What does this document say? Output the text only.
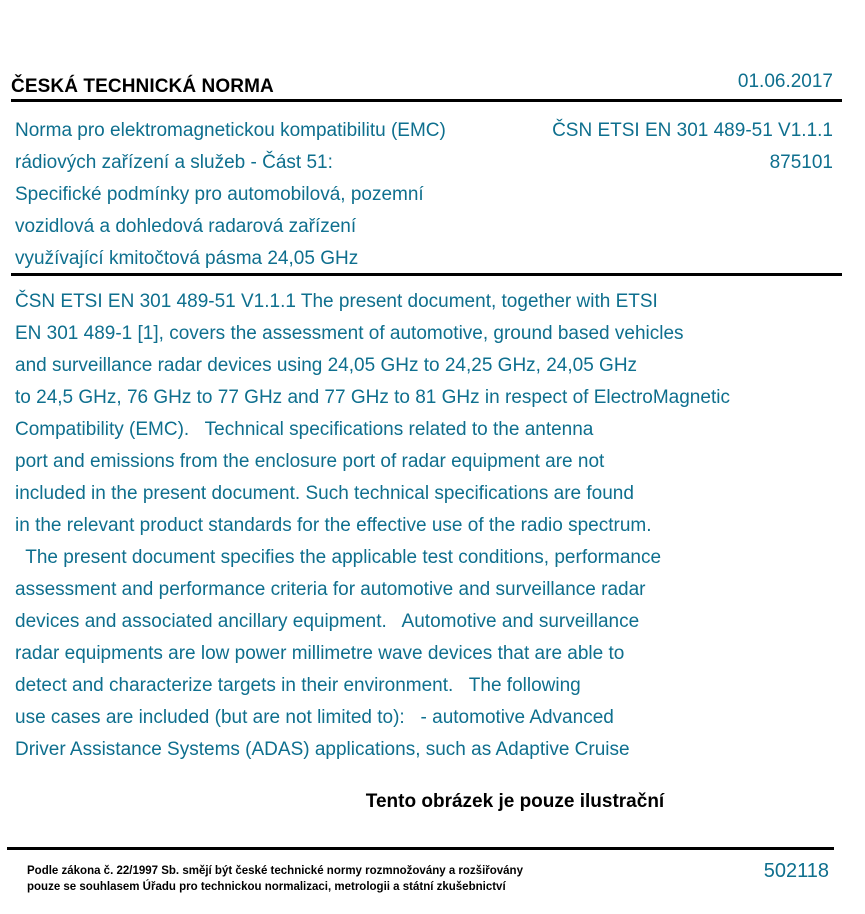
ČESKÁ TECHNICKÁ NORMA	01.06.2017
Norma pro elektromagnetickou kompatibilitu (EMC)
rádiových zařízení a služeb - Část 51:
Specifické podmínky pro automobilová, pozemní
vozidlová a dohledová radarová zařízení
využívající kmitočtová pásma 24,05 GHz
ČSN ETSI EN 301 489-51 V1.1.1
875101
ČSN ETSI EN 301 489-51 V1.1.1 The present document, together with ETSI
EN 301 489-1 [1], covers the assessment of automotive, ground based vehicles
and surveillance radar devices using 24,05 GHz to 24,25 GHz, 24,05 GHz
to 24,5 GHz, 76 GHz to 77 GHz and 77 GHz to 81 GHz in respect of ElectroMagnetic
Compatibility (EMC).   Technical specifications related to the antenna
port and emissions from the enclosure port of radar equipment are not
included in the present document. Such technical specifications are found
in the relevant product standards for the effective use of the radio spectrum.
The present document specifies the applicable test conditions, performance
assessment and performance criteria for automotive and surveillance radar
devices and associated ancillary equipment.   Automotive and surveillance
radar equipments are low power millimetre wave devices that are able to
detect and characterize targets in their environment.   The following
use cases are included (but are not limited to):   - automotive Advanced
Driver Assistance Systems (ADAS) applications, such as Adaptive Cruise
Tento obrázek je pouze ilustrační
Podle zákona č. 22/1997 Sb. smějí být české technické normy rozmnožovány a rozšiřovány
pouze se souhlasem Úřadu pro technickou normalizaci, metrologii a státní zkušebnictví
502118
